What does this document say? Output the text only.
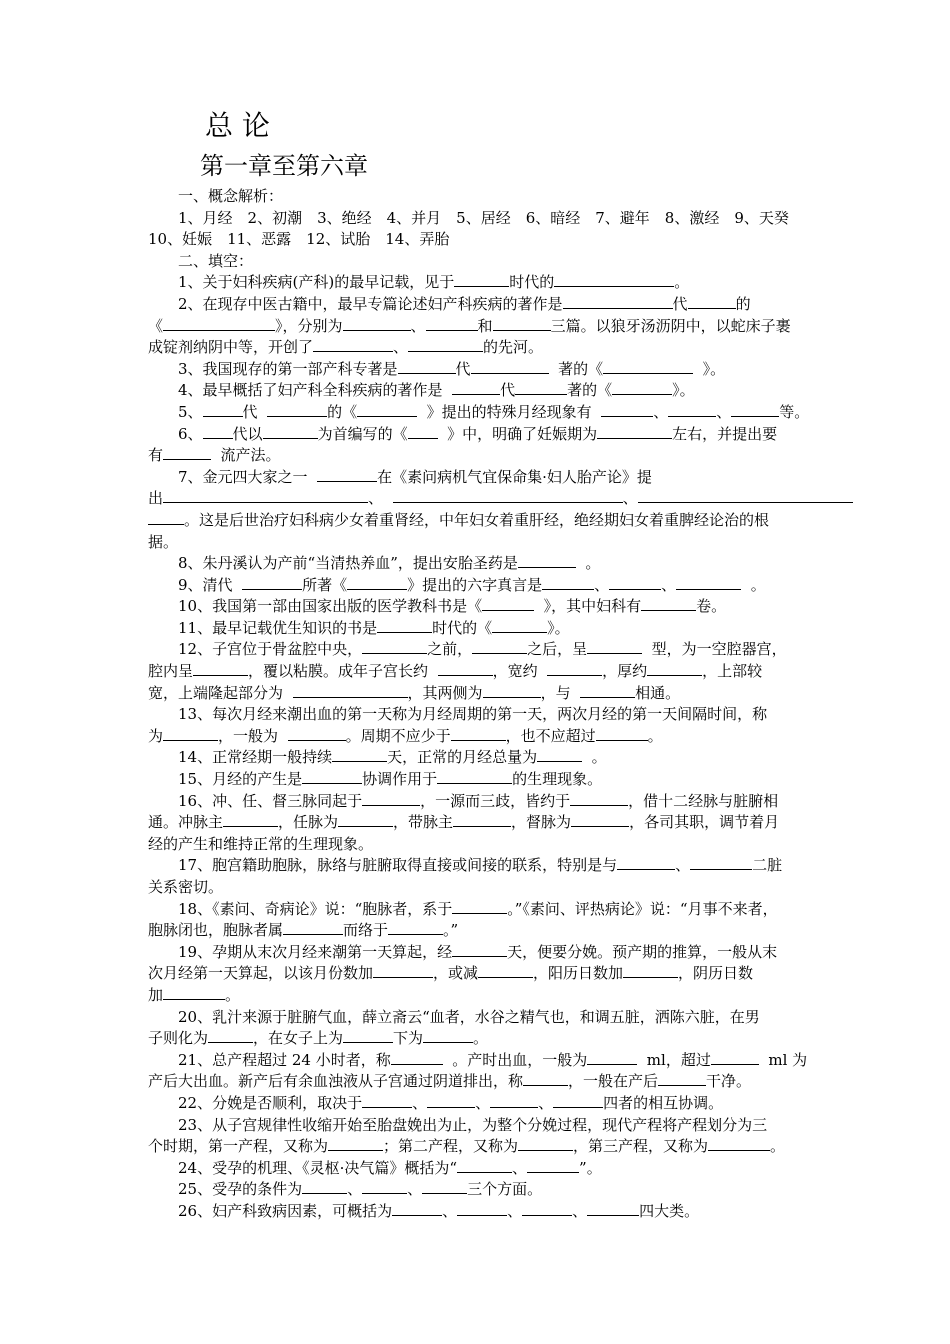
总 论
第一章至第六章
　　一、概念解析：
　　1、月经　2、初潮　3、绝经　4、并月　5、居经　6、暗经　7、避年　8、激经　9、天癸
10、妊娠　11、恶露　12、试胎　14、弄胎
　　二、填空：
　　1、关于妇科疾病(产科)的最早记载，见于	时代的	。
　　2、在现存中医古籍中，最早专篇论述妇产科疾病的著作是	代	的
《	》，分别为	、	和	三篇。以狼牙汤沥阴中，以蛇床子裹
成锭剂纳阴中等，开创了	、	的先河。
　　3、我国现存的第一部产科专著是	代	著的《	》。
　　4、最早概括了妇产科全科疾病的著作是	代	著的《	》。
　　5、	代	的《	》提出的特殊月经现象有	、	、	等。
　　6、 代以	为首编写的《  》中，明确了妊娠期为	左右，并提出要
有	流产法。
　　7、金元四大家之一	在《素问病机气宜保命集·妇人胎产论》提
出	、	、
。这是后世治疗妇科病少女着重肾经，中年妇女着重肝经，绝经期妇女着重脾经论治的根
据。
　　8、朱丹溪认为产前“当清热养血”，提出安胎圣药是	。
　　9、清代	所著《	》提出的六字真言是	、	、	。
　　10、我国第一部由国家出版的医学教科书是《	》，其中妇科有	卷。
　　11、最早记载优生知识的书是	时代的《	》。
　　12、子宫位于骨盆腔中央，	之前，	之后，呈	型，为一空腔器宫，
腔内呈	，覆以粘膜。成年子宫长约	，宽约	，厚约	，上部较
宽，上端隆起部分为	，其两侧为	，与	相通。
　　13、每次月经来潮出血的第一天称为月经周期的第一天，两次月经的第一天间隔时间，称
为	，一般为	。周期不应少于	，也不应超过	。
　　14、正常经期一般持续	天，正常的月经总量为	。
　　15、月经的产生是	协调作用于	的生理现象。
　　16、冲、任、督三脉同起于	，一源而三歧，皆约于	，借十二经脉与脏腑相
通。冲脉主	，任脉为	，带脉主	，督脉为	，各司其职，调节着月
经的产生和维持正常的生理现象。
　　17、胞宫籍助胞脉，脉络与脏腑取得直接或间接的联系，特别是与	、	二脏
关系密切。
　　18、《素问、奇病论》说：“胞脉者，系于	。”《素问、评热病论》说：“月事不来者，
胞脉闭也，胞脉者属	而络于	。”
　　19、孕期从末次月经来潮第一天算起，经	天，便要分娩。预产期的推算，一般从末
次月经第一天算起，以该月份数加	，或减	，阳历日数加	，阴历日数
加	。
　　20、乳汁来源于脏腑气血，薛立斋云“血者，水谷之精气也，和调五脏，洒陈六脏，在男
子则化为	，在女子上为	下为	。
　　21、总产程超过 24 小时者，称	。产时出血，一般为	ml，超过	ml 为
产后大出血。新产后有余血浊液从子宫通过阴道排出，称	，一般在产后	干净。
　　22、分娩是否顺利，取决于	、	、	、	四者的相互协调。
　　23、从子宫规律性收缩开始至胎盘娩出为止，为整个分娩过程，现代产程将产程划分为三
个时期，第一产程，又称为	；第二产程，又称为	，第三产程，又称为	。
　　24、受孕的机理、《灵枢·决气篇》概括为“	、	”。
　　25、受孕的条件为	、	、	三个方面。
　　26、妇产科致病因素，可概括为	、	、	、	四大类。
